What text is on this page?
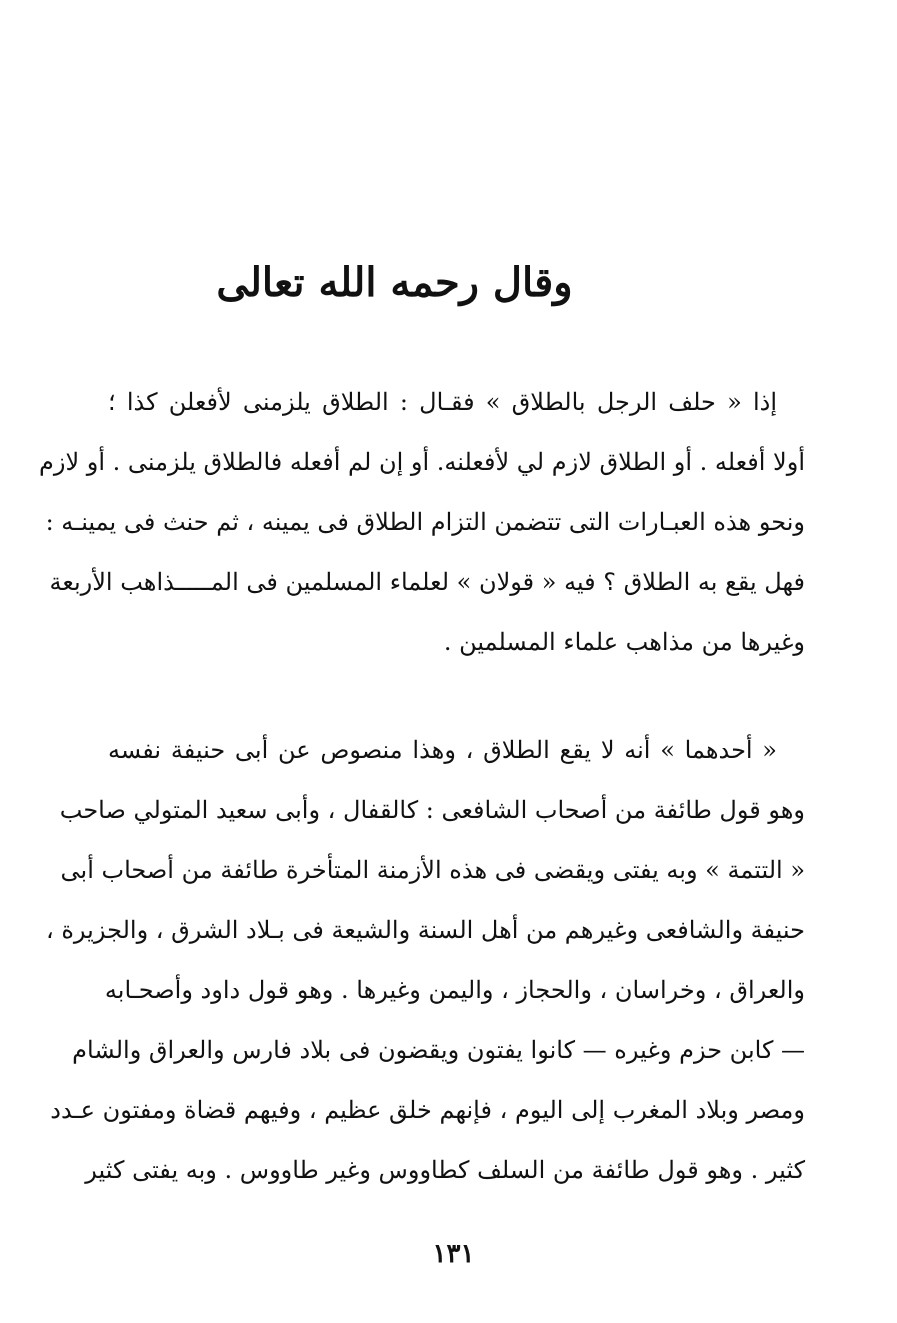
وقال رحمه الله تعالى
إذا « حلف الرجل بالطلاق » فقـال : الطلاق يلزمنى لأفعلن كذا ؛
أولا أفعله . أو الطلاق لازم لي لأفعلنه. أو إن لم أفعله فالطلاق يلزمنى . أو لازم
ونحو هذه العبـارات التى تتضمن التزام الطلاق فى يمينه ، ثم حنث فى يمينـه :
فهل يقع به الطلاق ؟ فيه « قولان » لعلماء المسلمين فى المـــــذاهب الأربعة
وغيرها من مذاهب علماء المسلمين .
« أحدهما » أنه لا يقع الطلاق ، وهذا منصوص عن أبى حنيفة نفسه
وهو قول طائفة من أصحاب الشافعى : كالقفال ، وأبى سعيد المتولي صاحب
« التتمة » وبه يفتى ويقضى فى هذه الأزمنة المتأخرة طائفة من أصحاب أبى
حنيفة والشافعى وغيرهم من أهل السنة والشيعة فى بـلاد الشرق ، والجزيرة ،
والعراق ، وخراسان ، والحجاز ، واليمن وغيرها . وهو قول داود وأصحـابه
— كابن حزم وغيره — كانوا يفتون ويقضون فى بلاد فارس والعراق والشام
ومصر وبلاد المغرب إلى اليوم ، فإنهم خلق عظيم ، وفيهم قضاة ومفتون عـدد
كثير . وهو قول طائفة من السلف كطاووس وغير طاووس . وبه يفتى كثير
١٣١
